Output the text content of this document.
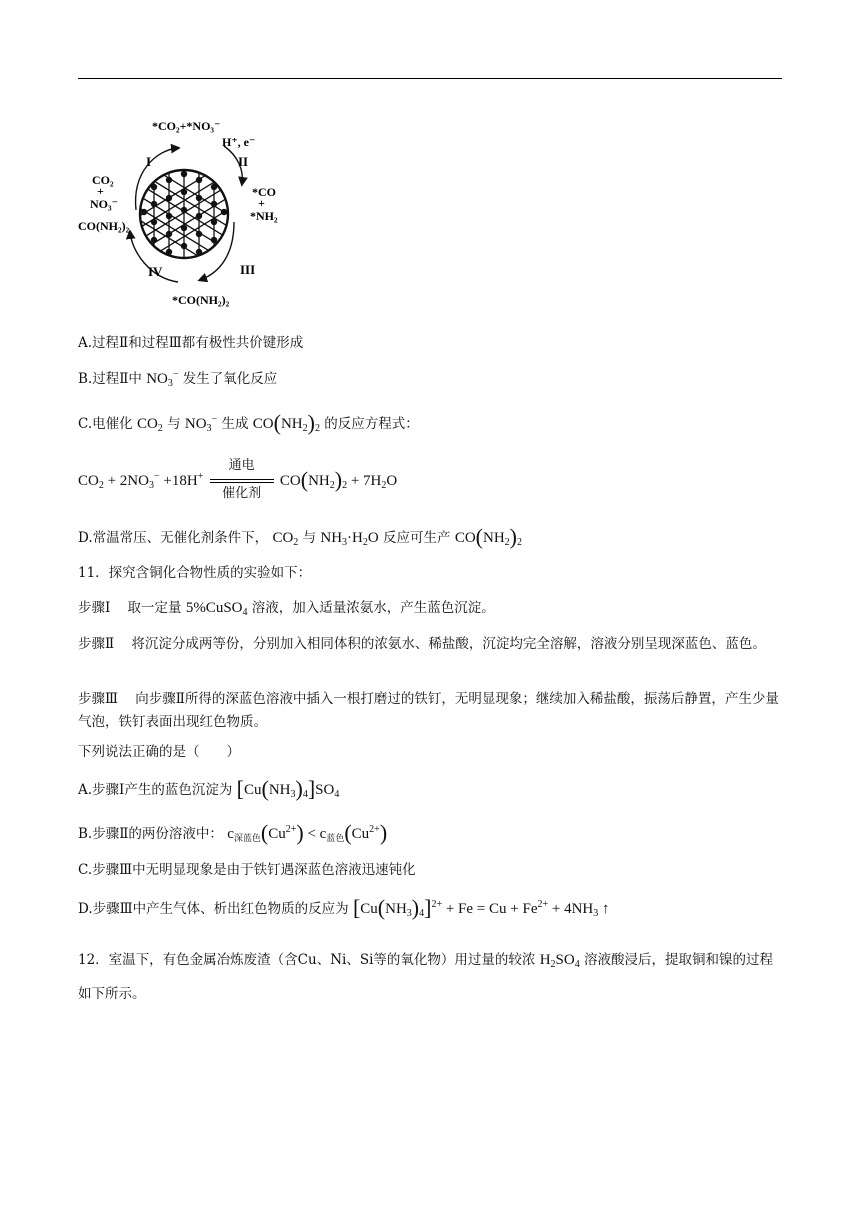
*CO₂+*NO₃⁻
H⁺, e⁻
I	II
III
IV
CO₂
+
NO₃⁻
CO(NH₂)₂
*CO
+
*NH₂
*CO(NH₂)₂
A.过程Ⅱ和过程Ⅲ都有极性共价键形成
B.过程Ⅱ中 $NO_3^-$ 发生了氧化反应
C.电催化 $CO_2$ 与 $NO_3^-$ 生成 $CO(NH_2)_2$ 的反应方程式：
$CO_2 + 2NO_3^- +18H^+$
通电
催化剂
$CO(NH_2)_2 + 7H_2O$
D.常温常压、无催化剂条件下， $CO_2$ 与 $NH_3\cdot H_2O$ 反应可生产 $CO(NH_2)_2$
11．探究含铜化合物性质的实验如下：
步骤Ⅰ 取一定量 5%CuSO$_4$ 溶液，加入适量浓氨水，产生蓝色沉淀。
步骤Ⅱ 将沉淀分成两等份，分别加入相同体积的浓氨水、稀盐酸，沉淀均完全溶解，溶液分别呈现深蓝色、蓝色。
步骤Ⅲ 向步骤Ⅱ所得的深蓝色溶液中插入一根打磨过的铁钉，无明显现象；继续加入稀盐酸，振荡后静置，产生少量气泡，铁钉表面出现红色物质。
下列说法正确的是（　　）
A.步骤Ⅰ产生的蓝色沉淀为 $[Cu(NH_3)_4]SO_4$
B.步骤Ⅱ的两份溶液中： $c_{深蓝色}(Cu^{2+}) < c_{蓝色}(Cu^{2+})$
C.步骤Ⅲ中无明显现象是由于铁钉遇深蓝色溶液迅速钝化
D.步骤Ⅲ中产生气体、析出红色物质的反应为 $[Cu(NH_3)_4]^{2+} + Fe = Cu + Fe^{2+} + 4NH_3$ ↑
12．室温下，有色金属冶炼废渣（含Cu、Ni、Si等的氧化物）用过量的较浓 $H_2SO_4$ 溶液酸浸后，提取铜和镍的过程如下所示。
